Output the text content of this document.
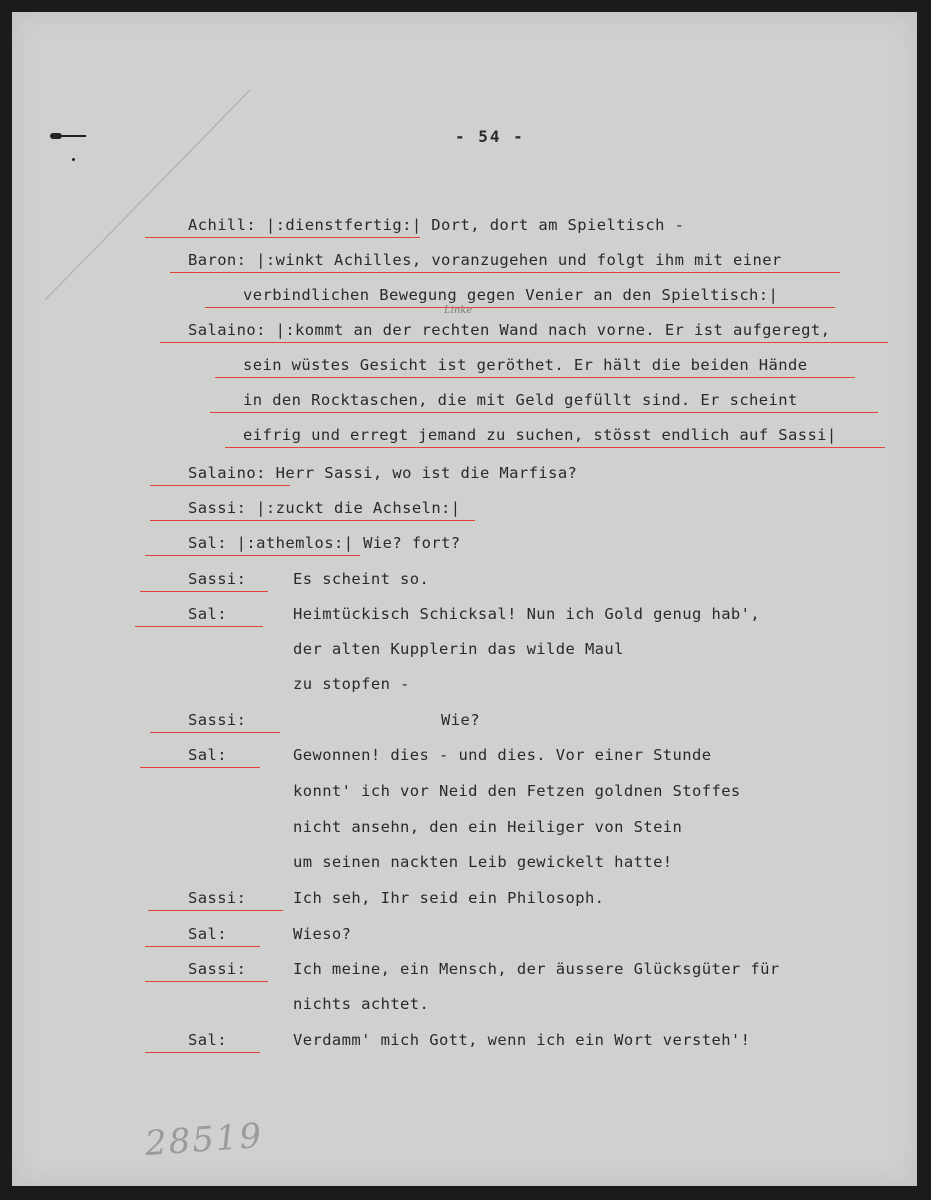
- 54 -
Linke
Achill: |:dienstfertig:| Dort, dort am Spieltisch -
Baron: |:winkt Achilles, voranzugehen und folgt ihm mit einer
verbindlichen Bewegung gegen Venier an den Spieltisch:|
Salaino: |:kommt an der rechten Wand nach vorne. Er ist aufgeregt,
sein wüstes Gesicht ist geröthet. Er hält die beiden Hände
in den Rocktaschen, die mit Geld gefüllt sind. Er scheint
eifrig und erregt jemand zu suchen, stösst endlich auf Sassi|
Salaino: Herr Sassi, wo ist die Marfisa?
Sassi: |:zuckt die Achseln:|
Sal: |:athemlos:| Wie? fort?
Sassi:	Es scheint so.
Sal:	Heimtückisch Schicksal! Nun ich Gold genug hab',
der alten Kupplerin das wilde Maul
zu stopfen -
Sassi:	Wie?
Sal:	Gewonnen! dies - und dies. Vor einer Stunde
konnt' ich vor Neid den Fetzen goldnen Stoffes
nicht ansehn, den ein Heiliger von Stein
um seinen nackten Leib gewickelt hatte!
Sassi:	Ich seh, Ihr seid ein Philosoph.
Sal:	Wieso?
Sassi:	Ich meine, ein Mensch, der äussere Glücksgüter für
nichts achtet.
Sal:	Verdamm' mich Gott, wenn ich ein Wort versteh'!
28519
